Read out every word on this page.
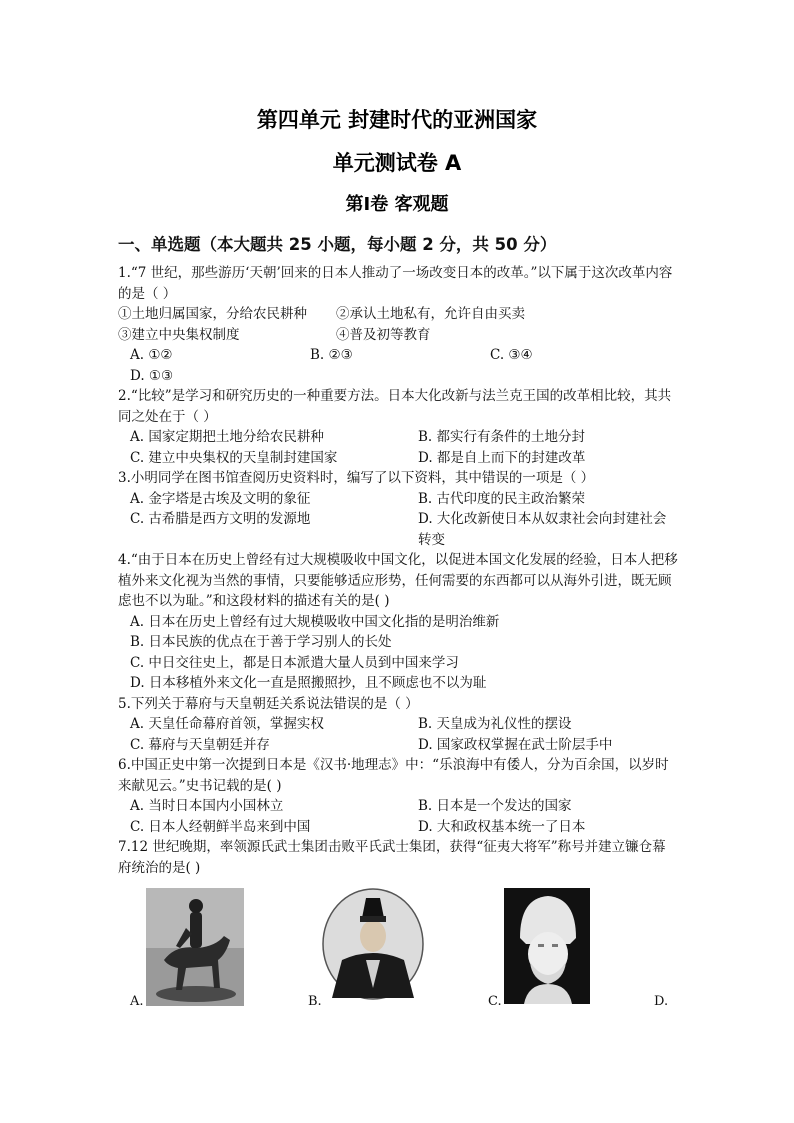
第四单元 封建时代的亚洲国家
单元测试卷 A
第Ⅰ卷 客观题
一、单选题（本大题共 25 小题，每小题 2 分，共 50 分）

1.“7 世纪，那些游历‘天朝’回来的日本人推动了一场改变日本的改革。”以下属于这次改革内容的是（ ）

①土地归属国家，分给农民耕种	②承认土地私有，允许自由买卖
③建立中央集权制度	④普及初等教育
A. ①②	B. ②③	C. ③④
D. ①③

2.“比较”是学习和研究历史的一种重要方法。日本大化改新与法兰克王国的改革相比较，其共同之处在于（ ）

A. 国家定期把土地分给农民耕种	B. 都实行有条件的土地分封
C. 建立中央集权的天皇制封建国家	D. 都是自上而下的封建改革

3.小明同学在图书馆查阅历史资料时，编写了以下资料，其中错误的一项是（ ）

A. 金字塔是古埃及文明的象征	B. 古代印度的民主政治繁荣
C. 古希腊是西方文明的发源地	D. 大化改新使日本从奴隶社会向封建社会转变

4.“由于日本在历史上曾经有过大规模吸收中国文化，以促进本国文化发展的经验，日本人把移植外来文化视为当然的事情，只要能够适应形势，任何需要的东西都可以从海外引进，既无顾虑也不以为耻。”和这段材料的描述有关的是( )

A. 日本在历史上曾经有过大规模吸收中国文化指的是明治维新
B. 日本民族的优点在于善于学习别人的长处
C. 中日交往史上，都是日本派遣大量人员到中国来学习
D. 日本移植外来文化一直是照搬照抄，且不顾虑也不以为耻

5.下列关于幕府与天皇朝廷关系说法错误的是（ ）

A. 天皇任命幕府首领，掌握实权	B. 天皇成为礼仪性的摆设
C. 幕府与天皇朝廷并存	D. 国家政权掌握在武士阶层手中

6.中国正史中第一次提到日本是《汉书·地理志》中：“乐浪海中有倭人，分为百余国，以岁时来献见云。”史书记载的是( )

A. 当时日本国内小国林立	B. 日本是一个发达的国家
C. 日本人经朝鲜半岛来到中国	D. 大和政权基本统一了日本

7.12 世纪晚期，率领源氏武士集团击败平氏武士集团，获得“征夷大将军”称号并建立镰仓幕府统治的是( )

A.	B.	C.	D.
